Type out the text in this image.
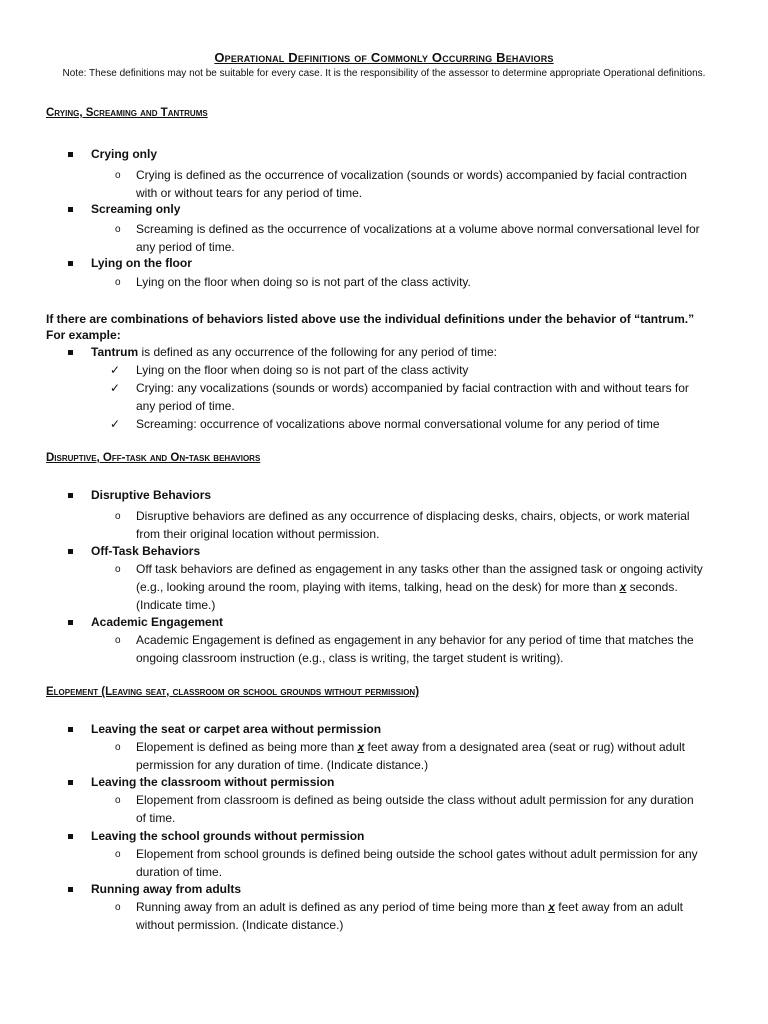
Operational Definitions of Commonly Occurring Behaviors
Note: These definitions may not be suitable for every case. It is the responsibility of the assessor to determine appropriate Operational definitions.
Crying, Screaming and Tantrums
Crying only
o Crying is defined as the occurrence of vocalization (sounds or words) accompanied by facial contraction
with or without tears for any period of time.
Screaming only
o Screaming is defined as the occurrence of vocalizations at a volume above normal conversational level for
any period of time.
Lying on the floor
o Lying on the floor when doing so is not part of the class activity.
If there are combinations of behaviors listed above use the individual definitions under the behavior of “tantrum.”
For example:
Tantrum is defined as any occurrence of the following for any period of time:
✓ Lying on the floor when doing so is not part of the class activity
✓ Crying: any vocalizations (sounds or words) accompanied by facial contraction with and without tears for
any period of time.
✓ Screaming: occurrence of vocalizations above normal conversational volume for any period of time
Disruptive, Off-task and On-task behaviors
Disruptive Behaviors
o Disruptive behaviors are defined as any occurrence of displacing desks, chairs, objects, or work material
from their original location without permission.
Off-Task Behaviors
o Off task behaviors are defined as engagement in any tasks other than the assigned task or ongoing activity
(e.g., looking around the room, playing with items, talking, head on the desk) for more than x seconds.
(Indicate time.)
Academic Engagement
o Academic Engagement is defined as engagement in any behavior for any period of time that matches the
ongoing classroom instruction (e.g., class is writing, the target student is writing).
Elopement (Leaving seat, classroom or school grounds without permission)
Leaving the seat or carpet area without permission
o Elopement is defined as being more than x feet away from a designated area (seat or rug) without adult
permission for any duration of time. (Indicate distance.)
Leaving the classroom without permission
o Elopement from classroom is defined as being outside the class without adult permission for any duration
of time.
Leaving the school grounds without permission
o Elopement from school grounds is defined being outside the school gates without adult permission for any
duration of time.
Running away from adults
o Running away from an adult is defined as any period of time being more than x feet away from an adult
without permission. (Indicate distance.)
